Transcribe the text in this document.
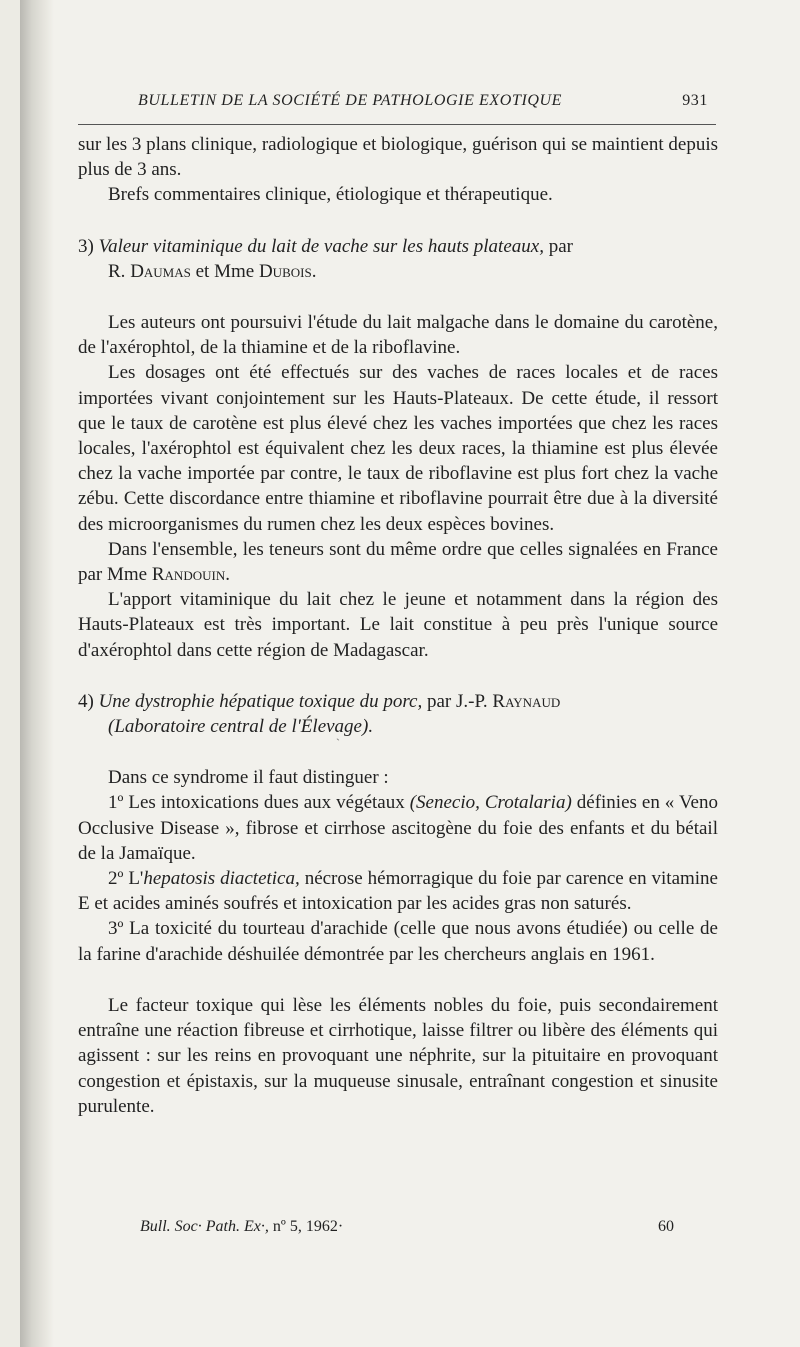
BULLETIN DE LA SOCIÉTÉ DE PATHOLOGIE EXOTIQUE	931

sur les 3 plans clinique, radiologique et biologique, guérison qui se maintient depuis plus de 3 ans.

Brefs commentaires clinique, étiologique et thérapeutique.

3) Valeur vitaminique du lait de vache sur les hauts plateaux, par
R. Daumas et Mme Dubois.

Les auteurs ont poursuivi l'étude du lait malgache dans le domaine du carotène, de l'axérophtol, de la thiamine et de la riboflavine.

Les dosages ont été effectués sur des vaches de races locales et de races importées vivant conjointement sur les Hauts-Plateaux. De cette étude, il ressort que le taux de carotène est plus élevé chez les vaches importées que chez les races locales, l'axérophtol est équivalent chez les deux races, la thiamine est plus élevée chez la vache importée par contre, le taux de riboflavine est plus fort chez la vache zébu. Cette discordance entre thiamine et riboflavine pourrait être due à la diversité des microorganismes du rumen chez les deux espèces bovines.

Dans l'ensemble, les teneurs sont du même ordre que celles signalées en France par Mme Randouin.

L'apport vitaminique du lait chez le jeune et notamment dans la région des Hauts-Plateaux est très important. Le lait constitue à peu près l'unique source d'axérophtol dans cette région de Madagascar.

4) Une dystrophie hépatique toxique du porc, par J.-P. Raynaud
(Laboratoire central de l'Élevage).

Dans ce syndrome il faut distinguer :

1º Les intoxications dues aux végétaux (Senecio, Crotalaria) définies en « Veno Occlusive Disease », fibrose et cirrhose ascitogène du foie des enfants et du bétail de la Jamaïque.

2º L'hepatosis diactetica, nécrose hémorragique du foie par carence en vitamine E et acides aminés soufrés et intoxication par les acides gras non saturés.

3º La toxicité du tourteau d'arachide (celle que nous avons étudiée) ou celle de la farine d'arachide déshuilée démontrée par les chercheurs anglais en 1961.

Le facteur toxique qui lèse les éléments nobles du foie, puis secondairement entraîne une réaction fibreuse et cirrhotique, laisse filtrer ou libère des éléments qui agissent : sur les reins en provoquant une néphrite, sur la pituitaire en provoquant congestion et épistaxis, sur la muqueuse sinusale, entraînant congestion et sinusite purulente.

`
Bull. Soc· Path. Ex·, nº 5, 1962·	60
